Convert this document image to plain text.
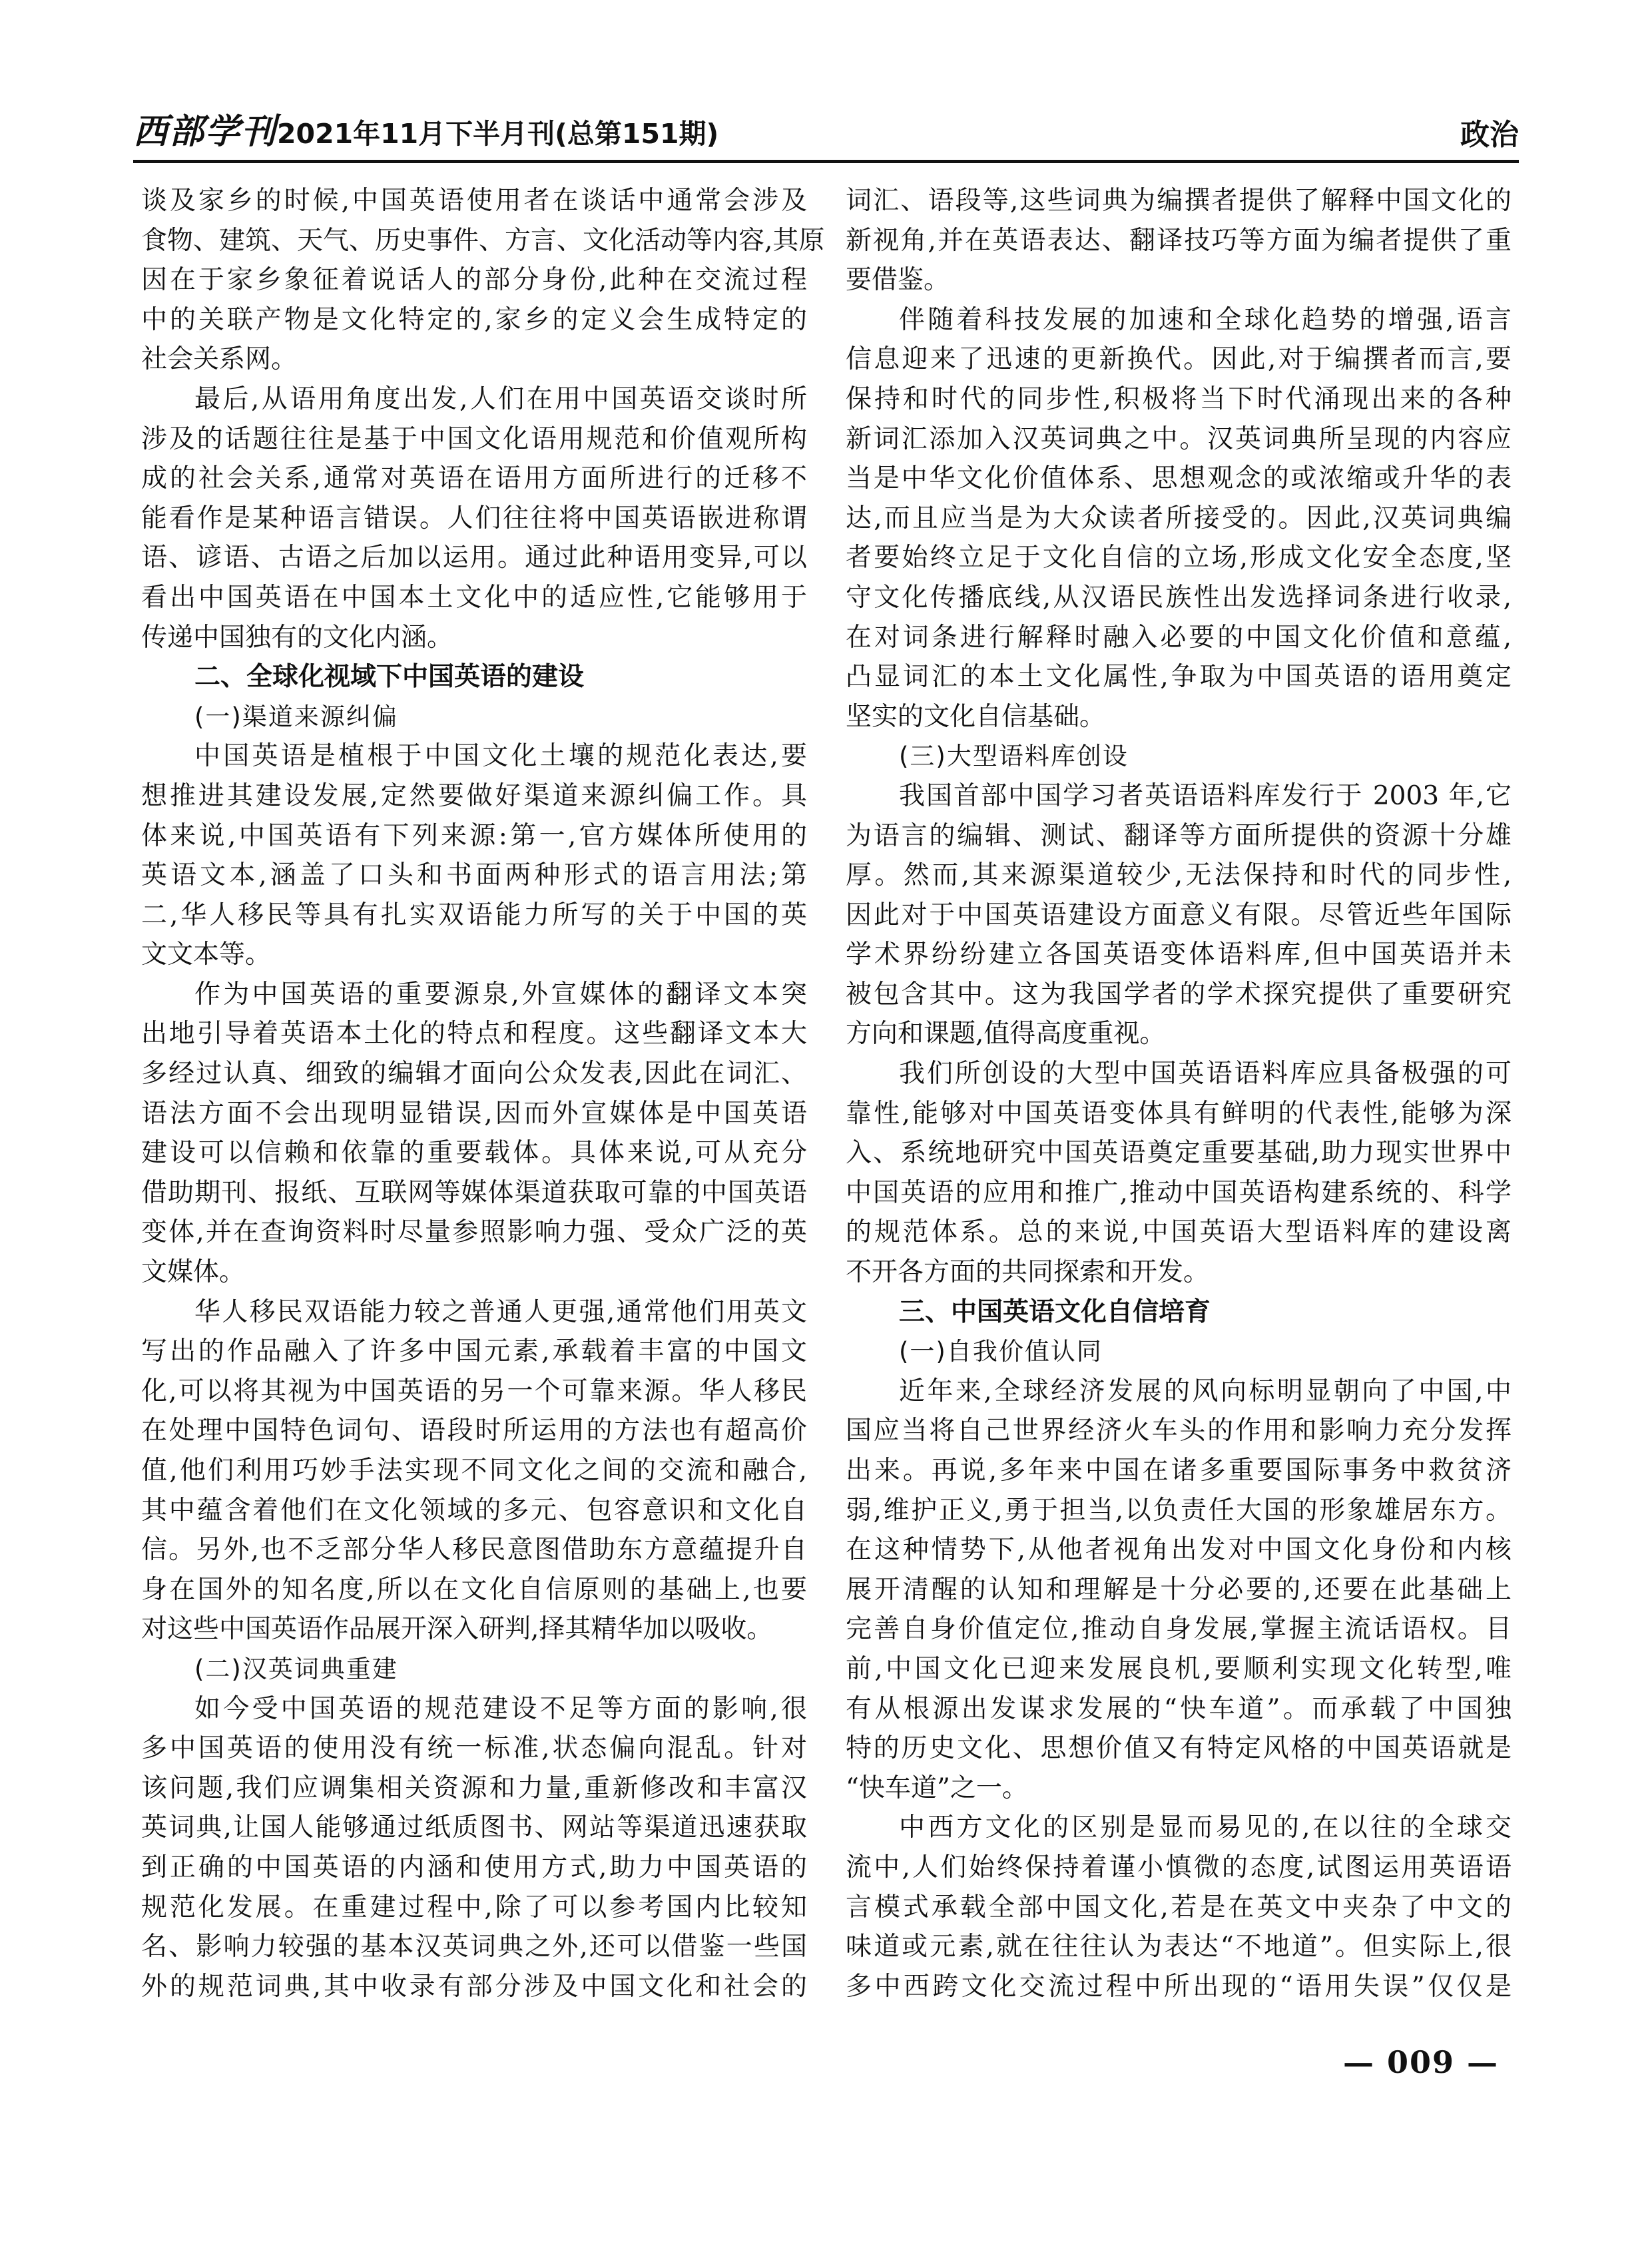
西部学刊2021年11月下半月刊(总第151期)	政治
谈及家乡的时候,中国英语使用者在谈话中通常会涉及
食物、建筑、天气、历史事件、方言、文化活动等内容,其原
因在于家乡象征着说话人的部分身份,此种在交流过程
中的关联产物是文化特定的,家乡的定义会生成特定的
社会关系网。
最后,从语用角度出发,人们在用中国英语交谈时所
涉及的话题往往是基于中国文化语用规范和价值观所构
成的社会关系,通常对英语在语用方面所进行的迁移不
能看作是某种语言错误。人们往往将中国英语嵌进称谓
语、谚语、古语之后加以运用。通过此种语用变异,可以
看出中国英语在中国本土文化中的适应性,它能够用于
传递中国独有的文化内涵。
二、全球化视域下中国英语的建设
(一)渠道来源纠偏
中国英语是植根于中国文化土壤的规范化表达,要
想推进其建设发展,定然要做好渠道来源纠偏工作。具
体来说,中国英语有下列来源:第一,官方媒体所使用的
英语文本,涵盖了口头和书面两种形式的语言用法;第
二,华人移民等具有扎实双语能力所写的关于中国的英
文文本等。
作为中国英语的重要源泉,外宣媒体的翻译文本突
出地引导着英语本土化的特点和程度。这些翻译文本大
多经过认真、细致的编辑才面向公众发表,因此在词汇、
语法方面不会出现明显错误,因而外宣媒体是中国英语
建设可以信赖和依靠的重要载体。具体来说,可从充分
借助期刊、报纸、互联网等媒体渠道获取可靠的中国英语
变体,并在查询资料时尽量参照影响力强、受众广泛的英
文媒体。
华人移民双语能力较之普通人更强,通常他们用英文
写出的作品融入了许多中国元素,承载着丰富的中国文
化,可以将其视为中国英语的另一个可靠来源。华人移民
在处理中国特色词句、语段时所运用的方法也有超高价
值,他们利用巧妙手法实现不同文化之间的交流和融合,
其中蕴含着他们在文化领域的多元、包容意识和文化自
信。另外,也不乏部分华人移民意图借助东方意蕴提升自
身在国外的知名度,所以在文化自信原则的基础上,也要
对这些中国英语作品展开深入研判,择其精华加以吸收。
(二)汉英词典重建
如今受中国英语的规范建设不足等方面的影响,很
多中国英语的使用没有统一标准,状态偏向混乱。针对
该问题,我们应调集相关资源和力量,重新修改和丰富汉
英词典,让国人能够通过纸质图书、网站等渠道迅速获取
到正确的中国英语的内涵和使用方式,助力中国英语的
规范化发展。在重建过程中,除了可以参考国内比较知
名、影响力较强的基本汉英词典之外,还可以借鉴一些国
外的规范词典,其中收录有部分涉及中国文化和社会的
词汇、语段等,这些词典为编撰者提供了解释中国文化的
新视角,并在英语表达、翻译技巧等方面为编者提供了重
要借鉴。
伴随着科技发展的加速和全球化趋势的增强,语言
信息迎来了迅速的更新换代。因此,对于编撰者而言,要
保持和时代的同步性,积极将当下时代涌现出来的各种
新词汇添加入汉英词典之中。汉英词典所呈现的内容应
当是中华文化价值体系、思想观念的或浓缩或升华的表
达,而且应当是为大众读者所接受的。因此,汉英词典编
者要始终立足于文化自信的立场,形成文化安全态度,坚
守文化传播底线,从汉语民族性出发选择词条进行收录,
在对词条进行解释时融入必要的中国文化价值和意蕴,
凸显词汇的本土文化属性,争取为中国英语的语用奠定
坚实的文化自信基础。
(三)大型语料库创设
我国首部中国学习者英语语料库发行于 2003 年,它
为语言的编辑、测试、翻译等方面所提供的资源十分雄
厚。然而,其来源渠道较少,无法保持和时代的同步性,
因此对于中国英语建设方面意义有限。尽管近些年国际
学术界纷纷建立各国英语变体语料库,但中国英语并未
被包含其中。这为我国学者的学术探究提供了重要研究
方向和课题,值得高度重视。
我们所创设的大型中国英语语料库应具备极强的可
靠性,能够对中国英语变体具有鲜明的代表性,能够为深
入、系统地研究中国英语奠定重要基础,助力现实世界中
中国英语的应用和推广,推动中国英语构建系统的、科学
的规范体系。总的来说,中国英语大型语料库的建设离
不开各方面的共同探索和开发。
三、中国英语文化自信培育
(一)自我价值认同
近年来,全球经济发展的风向标明显朝向了中国,中
国应当将自己世界经济火车头的作用和影响力充分发挥
出来。再说,多年来中国在诸多重要国际事务中救贫济
弱,维护正义,勇于担当,以负责任大国的形象雄居东方。
在这种情势下,从他者视角出发对中国文化身份和内核
展开清醒的认知和理解是十分必要的,还要在此基础上
完善自身价值定位,推动自身发展,掌握主流话语权。目
前,中国文化已迎来发展良机,要顺利实现文化转型,唯
有从根源出发谋求发展的“快车道”。而承载了中国独
特的历史文化、思想价值又有特定风格的中国英语就是
“快车道”之一。
中西方文化的区别是显而易见的,在以往的全球交
流中,人们始终保持着谨小慎微的态度,试图运用英语语
言模式承载全部中国文化,若是在英文中夹杂了中文的
味道或元素,就在往往认为表达“不地道”。但实际上,很
多中西跨文化交流过程中所出现的“语用失误”仅仅是
— 009 —
